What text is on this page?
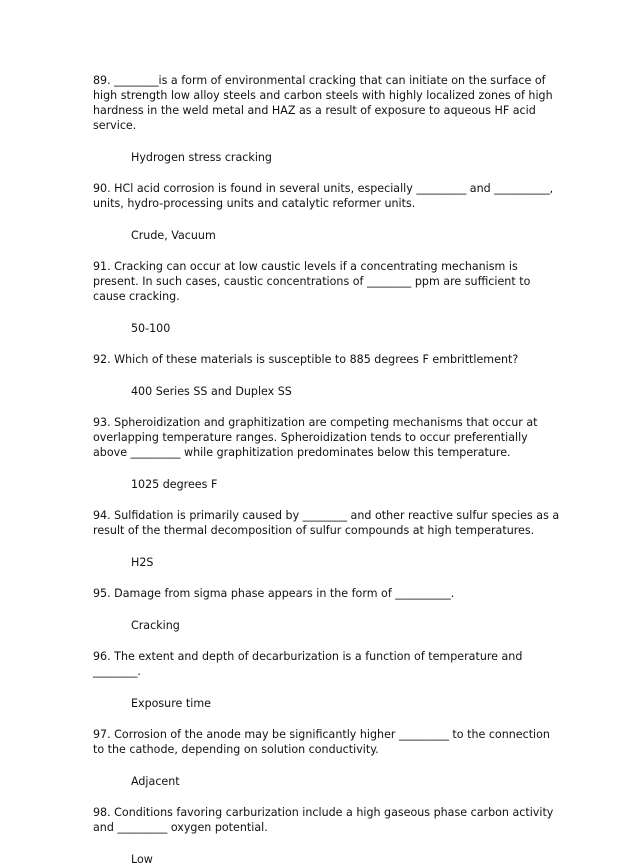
89. ________is a form of environmental cracking that can initiate on the surface of high strength low alloy steels and carbon steels with highly localized zones of high hardness in the weld metal and HAZ as a result of exposure to aqueous HF acid service.

Hydrogen stress cracking

90. HCl acid corrosion is found in several units, especially _________ and __________, units, hydro-processing units and catalytic reformer units.

Crude, Vacuum

91. Cracking can occur at low caustic levels if a concentrating mechanism is present. In such cases, caustic concentrations of ________ ppm are sufficient to cause cracking.

50-100

92. Which of these materials is susceptible to 885 degrees F embrittlement?

400 Series SS and Duplex SS

93. Spheroidization and graphitization are competing mechanisms that occur at overlapping temperature ranges. Spheroidization tends to occur preferentially above _________ while graphitization predominates below this temperature.

1025 degrees F

94. Sulfidation is primarily caused by ________ and other reactive sulfur species as a result of the thermal decomposition of sulfur compounds at high temperatures.

H2S

95. Damage from sigma phase appears in the form of __________.

Cracking

96. The extent and depth of decarburization is a function of temperature and ________.

Exposure time

97. Corrosion of the anode may be significantly higher _________ to the connection to the cathode, depending on solution conductivity.

Adjacent

98. Conditions favoring carburization include a high gaseous phase carbon activity and _________ oxygen potential.

Low
